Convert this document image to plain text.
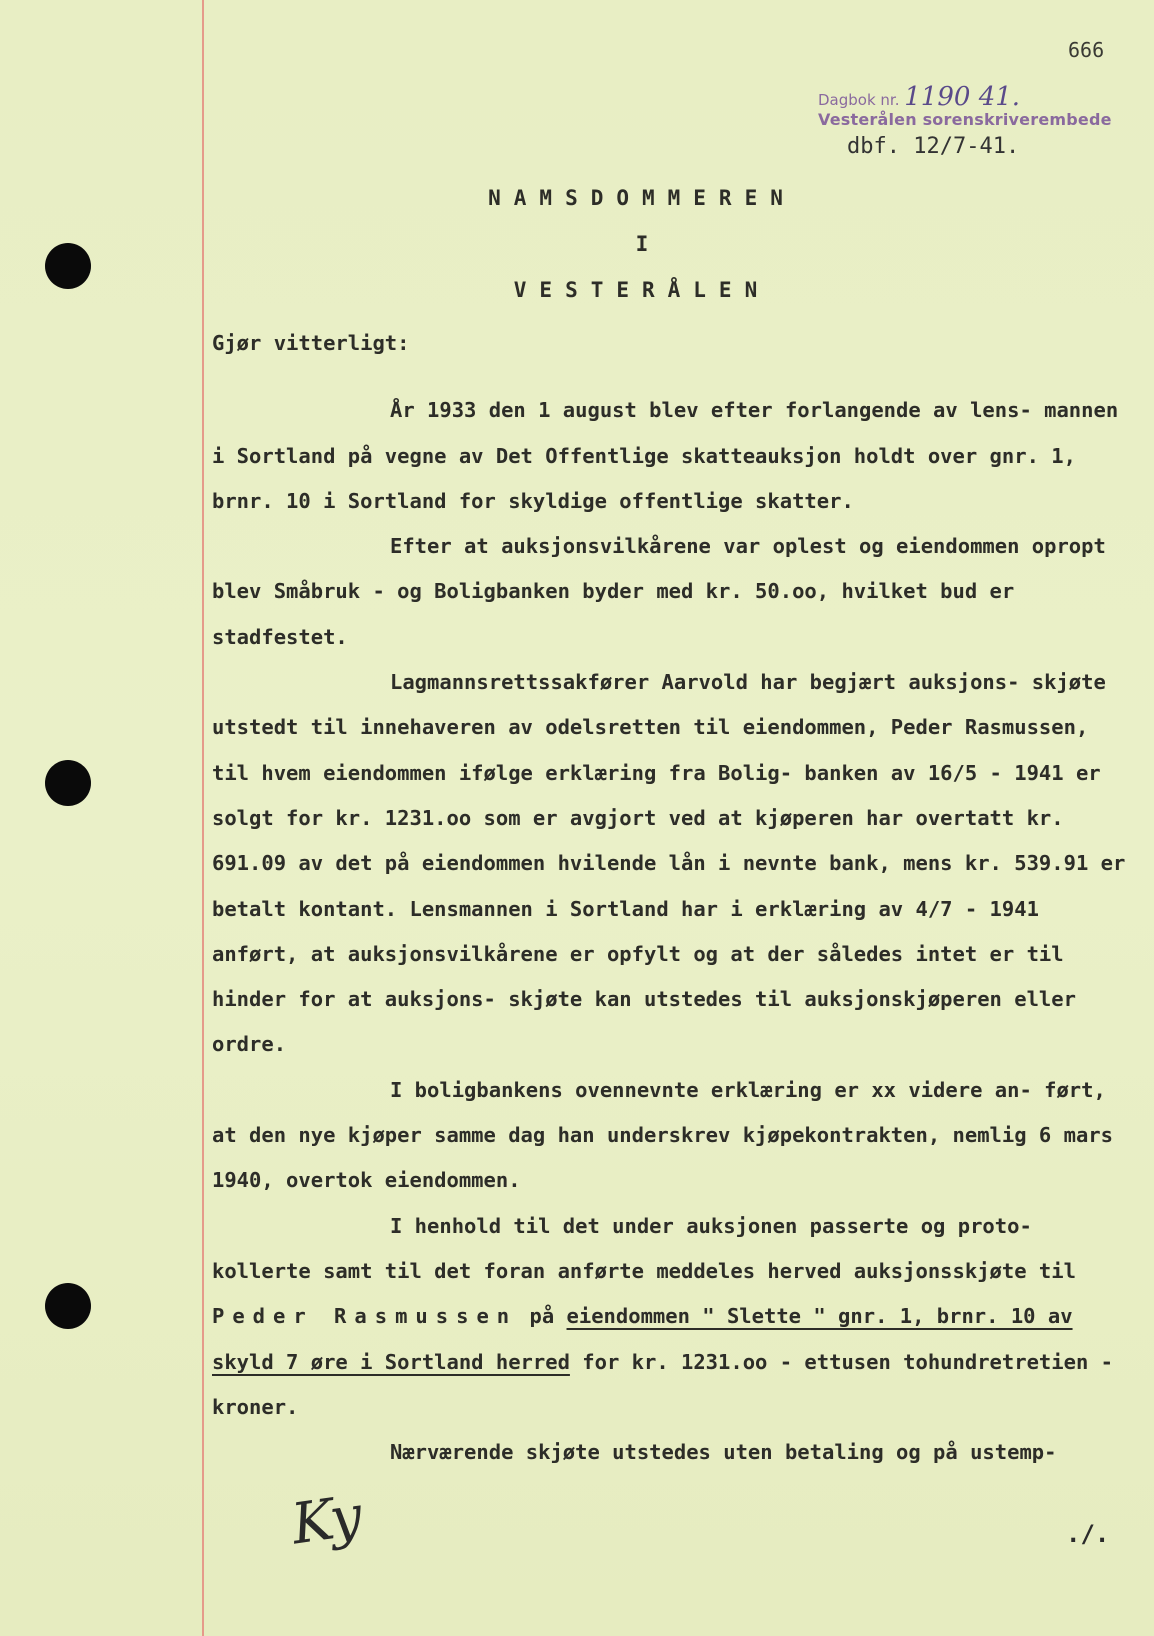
666
Dagbok nr. 1190 41.
Vesterålen sorenskriverembede
dbf. 12/7-41.
NAMSDOMMEREN
I
VESTERÅLEN

Gjør vitterligt:

År 1933 den 1 august blev efter forlangende av lens- mannen i Sortland på vegne av Det Offentlige skatteauksjon holdt over gnr. 1, brnr. 10 i Sortland for skyldige offentlige skatter.

Efter at auksjonsvilkårene var oplest og eiendommen opropt blev Småbruk - og Boligbanken byder med kr. 50.oo, hvilket bud er stadfestet.

Lagmannsrettssakfører Aarvold har begjært auksjons- skjøte utstedt til innehaveren av odelsretten til eiendommen, Peder Rasmussen, til hvem eiendommen ifølge erklæring fra Bolig- banken av 16/5 - 1941 er solgt for kr. 1231.oo som er avgjort ved at kjøperen har overtatt kr. 691.09 av det på eiendommen hvilende lån i nevnte bank, mens kr. 539.91 er betalt kontant. Lensmannen i Sortland har i erklæring av 4/7 - 1941 anført, at auksjonsvilkårene er opfylt og at der således intet er til hinder for at auksjons- skjøte kan utstedes til auksjonskjøperen eller ordre.

I boligbankens ovennevnte erklæring er xx videre an- ført, at den nye kjøper samme dag han underskrev kjøpekontrakten, nemlig 6 mars 1940, overtok eiendommen.

I henhold til det under auksjonen passerte og proto- kollerte samt til det foran anførte meddeles herved auksjonsskjøte til Peder Rasmussen på eiendommen " Slette " gnr. 1, brnr. 10 av skyld 7 øre i Sortland herred for kr. 1231.oo - ettusen tohundretretien - kroner.

Nærværende skjøte utstedes uten betaling og på ustemp-

Ky	./.
